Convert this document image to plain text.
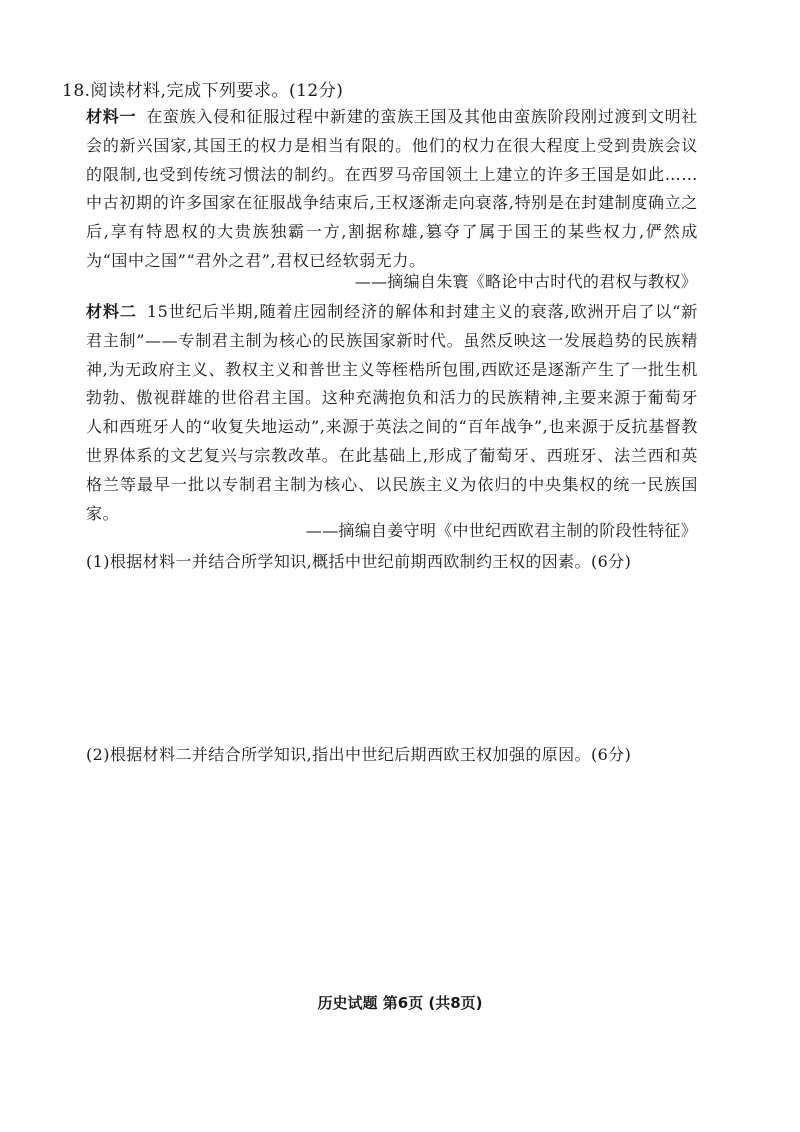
18.阅读材料,完成下列要求。(12分)
材料一 在蛮族入侵和征服过程中新建的蛮族王国及其他由蛮族阶段刚过渡到文明社会的新兴国家,其国王的权力是相当有限的。他们的权力在很大程度上受到贵族会议的限制,也受到传统习惯法的制约。在西罗马帝国领土上建立的许多王国是如此……中古初期的许多国家在征服战争结束后,王权逐渐走向衰落,特别是在封建制度确立之后,享有特恩权的大贵族独霸一方,割据称雄,篡夺了属于国王的某些权力,俨然成为“国中之国”“君外之君”,君权已经软弱无力。
——摘编自朱寰《略论中古时代的君权与教权》
材料二 15世纪后半期,随着庄园制经济的解体和封建主义的衰落,欧洲开启了以“新君主制”——专制君主制为核心的民族国家新时代。虽然反映这一发展趋势的民族精神,为无政府主义、教权主义和普世主义等桎梏所包围,西欧还是逐渐产生了一批生机勃勃、傲视群雄的世俗君主国。这种充满抱负和活力的民族精神,主要来源于葡萄牙人和西班牙人的“收复失地运动”,来源于英法之间的“百年战争”,也来源于反抗基督教世界体系的文艺复兴与宗教改革。在此基础上,形成了葡萄牙、西班牙、法兰西和英格兰等最早一批以专制君主制为核心、以民族主义为依归的中央集权的统一民族国家。
——摘编自姜守明《中世纪西欧君主制的阶段性特征》
(1)根据材料一并结合所学知识,概括中世纪前期西欧制约王权的因素。(6分)
(2)根据材料二并结合所学知识,指出中世纪后期西欧王权加强的原因。(6分)
历史试题 第6页 (共8页)
